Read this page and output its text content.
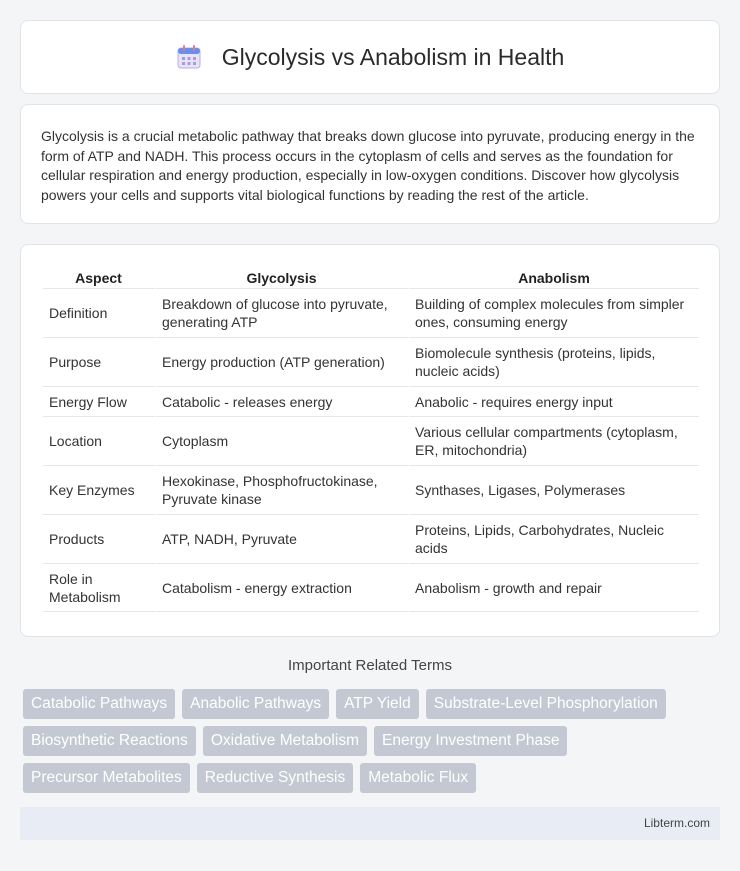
Glycolysis vs Anabolism in Health

Glycolysis is a crucial metabolic pathway that breaks down glucose into pyruvate, producing energy in the form of ATP and NADH. This process occurs in the cytoplasm of cells and serves as the foundation for cellular respiration and energy production, especially in low-oxygen conditions. Discover how glycolysis powers your cells and supports vital biological functions by reading the rest of the article.

Aspect	Glycolysis	Anabolism
Definition	Breakdown of glucose into pyruvate, generating ATP	Building of complex molecules from simpler ones, consuming energy
Purpose	Energy production (ATP generation)	Biomolecule synthesis (proteins, lipids, nucleic acids)
Energy Flow	Catabolic - releases energy	Anabolic - requires energy input
Location	Cytoplasm	Various cellular compartments (cytoplasm, ER, mitochondria)
Key Enzymes	Hexokinase, Phosphofructokinase, Pyruvate kinase	Synthases, Ligases, Polymerases
Products	ATP, NADH, Pyruvate	Proteins, Lipids, Carbohydrates, Nucleic acids
Role in Metabolism	Catabolism - energy extraction	Anabolism - growth and repair
Important Related Terms
Catabolic Pathways	Anabolic Pathways	ATP Yield	Substrate-Level Phosphorylation
Biosynthetic Reactions	Oxidative Metabolism	Energy Investment Phase
Precursor Metabolites	Reductive Synthesis	Metabolic Flux
Libterm.com
